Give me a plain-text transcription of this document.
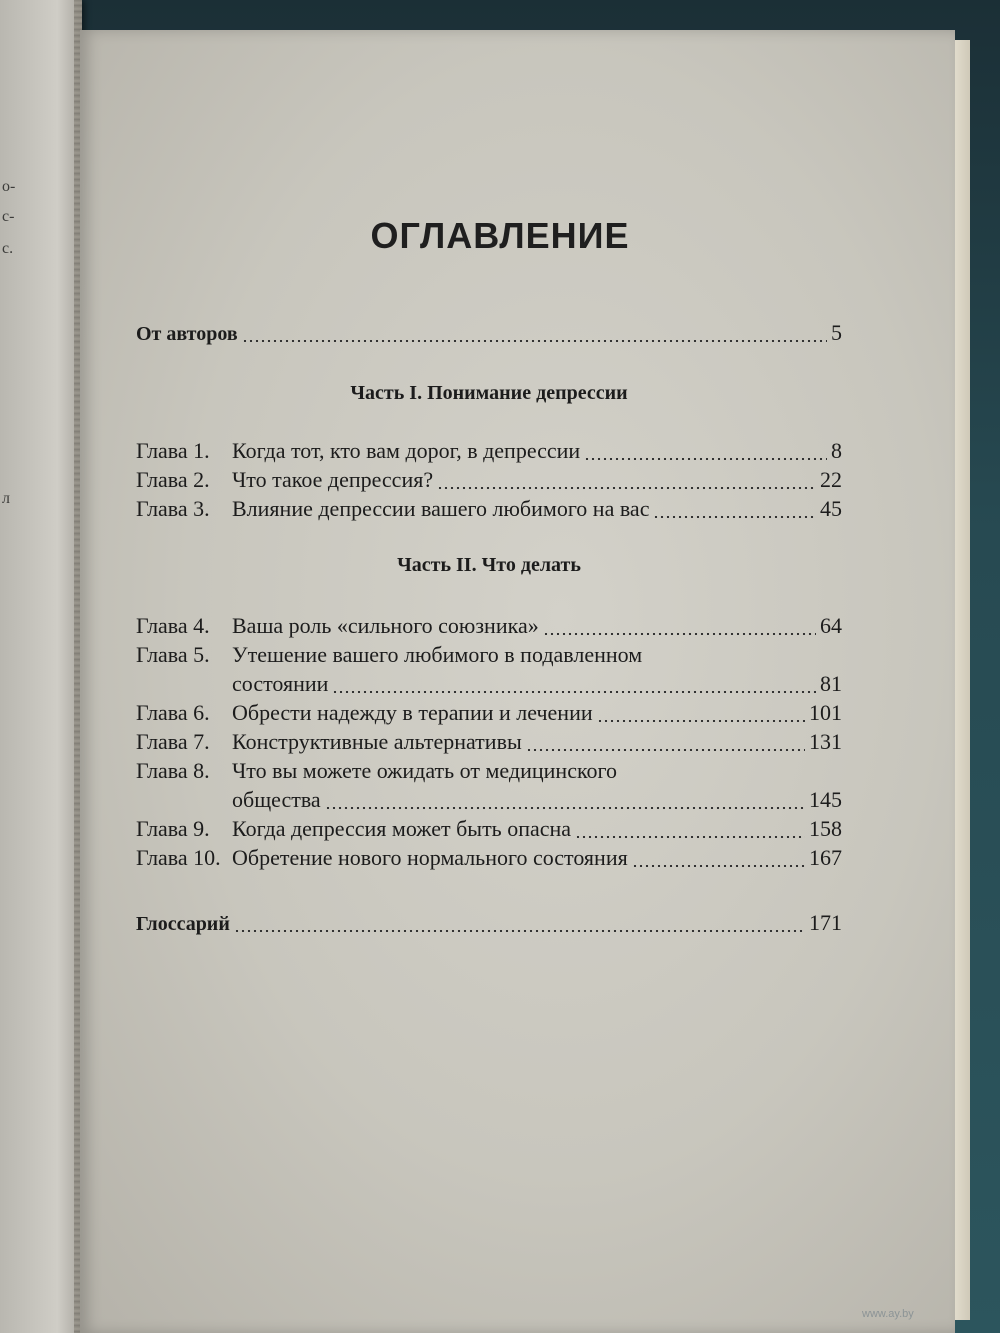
о-
с-
с.
л
ОГЛАВЛЕНИЕ
От авторов	5
Часть I. Понимание депрессии
Глава 1.	Когда тот, кто вам дорог, в депрессии	8
Глава 2.	Что такое депрессия?	22
Глава 3.	Влияние депрессии вашего любимого на вас	45
Часть II. Что делать
Глава 4.	Ваша роль «сильного союзника»	64
Глава 5.	Утешение вашего любимого в подавленном
состоянии	81
Глава 6.	Обрести надежду в терапии и лечении	101
Глава 7.	Конструктивные альтернативы	131
Глава 8.	Что вы можете ожидать от медицинского
общества	145
Глава 9.	Когда депрессия может быть опасна	158
Глава 10. Обретение нового нормального состояния	167
Глоссарий	171
www.ay.by
